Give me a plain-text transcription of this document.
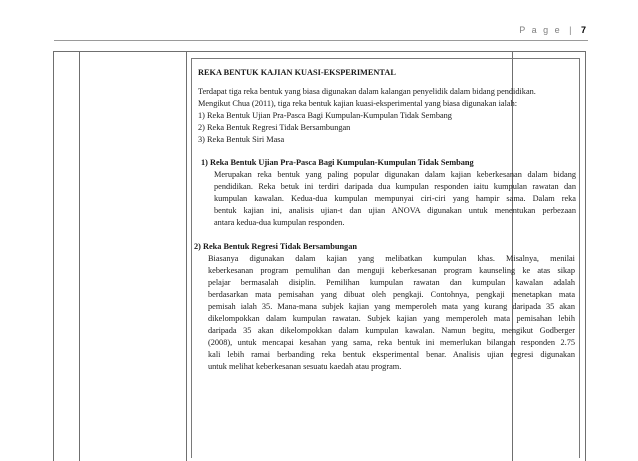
P a g e | 7
REKA BENTUK KAJIAN KUASI-EKSPERIMENTAL
Terdapat tiga reka bentuk yang biasa digunakan dalam kalangan penyelidik dalam bidang pendidikan.
Mengikut Chua (2011), tiga reka bentuk kajian kuasi-eksperimental yang biasa digunakan ialah:
1) Reka Bentuk Ujian Pra-Pasca Bagi Kumpulan-Kumpulan Tidak Sembang
2) Reka Bentuk Regresi Tidak Bersambungan
3) Reka Bentuk Siri Masa
1) Reka Bentuk Ujian Pra-Pasca Bagi Kumpulan-Kumpulan Tidak Sembang
Merupakan reka bentuk yang paling popular digunakan dalam kajian keberkesanan dalam bidang
pendidikan. Reka betuk ini terdiri daripada dua kumpulan responden iaitu kumpulan rawatan dan
kumpulan kawalan. Kedua-dua kumpulan mempunyai ciri-ciri yang hampir sama. Dalam reka
bentuk kajian ini, analisis ujian-t dan ujian ANOVA digunakan untuk menentukan perbezaan
antara kedua-dua kumpulan responden.
2) Reka Bentuk Regresi Tidak Bersambungan
Biasanya digunakan dalam kajian yang melibatkan kumpulan khas. Misalnya, menilai
keberkesanan program pemulihan dan menguji keberkesanan program kaunseling ke atas sikap
pelajar bermasalah disiplin. Pemilihan kumpulan rawatan dan kumpulan kawalan adalah
berdasarkan mata pemisahan yang dibuat oleh pengkaji. Contohnya, pengkaji menetapkan mata
pemisah ialah 35. Mana-mana subjek kajian yang memperoleh mata yang kurang daripada 35 akan
dikelompokkan dalam kumpulan rawatan. Subjek kajian yang memperoleh mata pemisahan lebih
daripada 35 akan dikelompokkan dalam kumpulan kawalan. Namun begitu, mengikut Godberger
(2008), untuk mencapai kesahan yang sama, reka bentuk ini memerlukan bilangan responden 2.75
kali lebih ramai berbanding reka bentuk eksperimental benar. Analisis ujian regresi digunakan
untuk melihat keberkesanan sesuatu kaedah atau program.
